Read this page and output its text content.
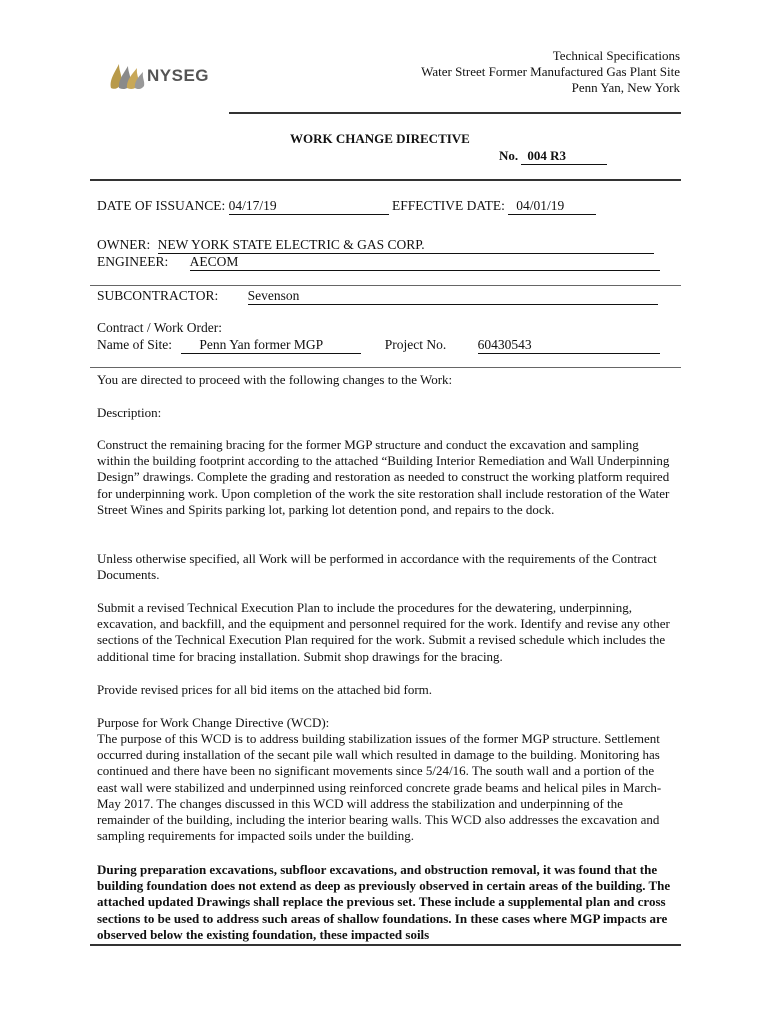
NYSEG
Technical Specifications
Water Street Former Manufactured Gas Plant Site
Penn Yan, New York
WORK CHANGE DIRECTIVE
No. 004 R3
DATE OF ISSUANCE: 04/17/19	EFFECTIVE DATE: 04/01/19
OWNER: NEW YORK STATE ELECTRIC & GAS CORP.
ENGINEER: AECOM
SUBCONTRACTOR: Sevenson
Contract / Work Order:
Name of Site: Penn Yan former MGP	Project No. 60430543
You are directed to proceed with the following changes to the Work:
Description:
Construct the remaining bracing for the former MGP structure and conduct the excavation and sampling within the building footprint according to the attached “Building Interior Remediation and Wall Underpinning Design” drawings. Complete the grading and restoration as needed to construct the working platform required for underpinning work. Upon completion of the work the site restoration shall include restoration of the Water Street Wines and Spirits parking lot, parking lot detention pond, and repairs to the dock.
Unless otherwise specified, all Work will be performed in accordance with the requirements of the Contract Documents.
Submit a revised Technical Execution Plan to include the procedures for the dewatering, underpinning, excavation, and backfill, and the equipment and personnel required for the work. Identify and revise any other sections of the Technical Execution Plan required for the work. Submit a revised schedule which includes the additional time for bracing installation. Submit shop drawings for the bracing.
Provide revised prices for all bid items on the attached bid form.
Purpose for Work Change Directive (WCD):
The purpose of this WCD is to address building stabilization issues of the former MGP structure. Settlement occurred during installation of the secant pile wall which resulted in damage to the building. Monitoring has continued and there have been no significant movements since 5/24/16. The south wall and a portion of the east wall were stabilized and underpinned using reinforced concrete grade beams and helical piles in March-May 2017. The changes discussed in this WCD will address the stabilization and underpinning of the remainder of the building, including the interior bearing walls. This WCD also addresses the excavation and sampling requirements for impacted soils under the building.
During preparation excavations, subfloor excavations, and obstruction removal, it was found that the building foundation does not extend as deep as previously observed in certain areas of the building. The attached updated Drawings shall replace the previous set. These include a supplemental plan and cross sections to be used to address such areas of shallow foundations. In these cases where MGP impacts are observed below the existing foundation, these impacted soils
